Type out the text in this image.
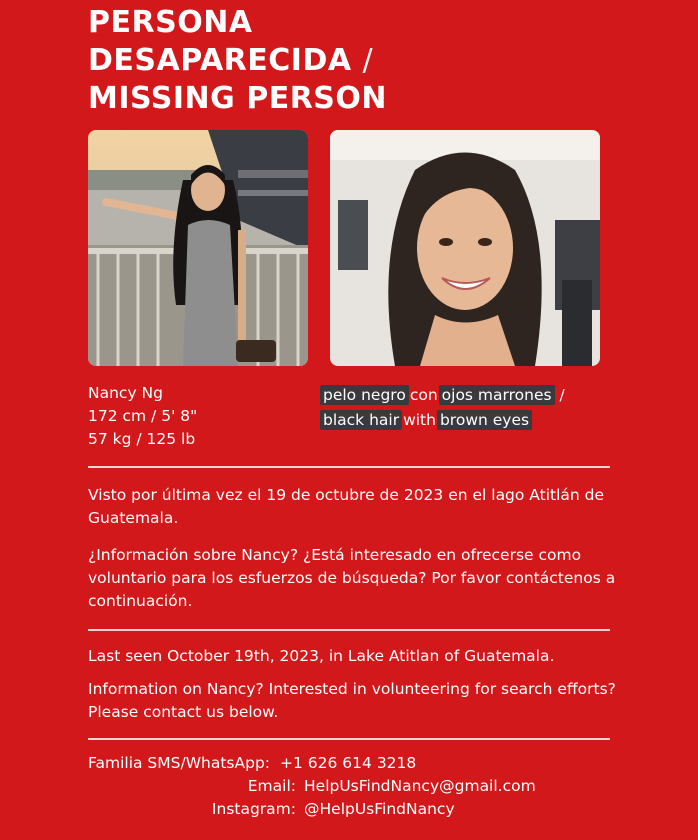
PERSONA
DESAPARECIDA /
MISSING PERSON
Nancy Ng
172 cm / 5' 8"
57 kg / 125 lb
pelo negro con ojos marrones /
black hair with brown eyes

Visto por última vez el 19 de octubre de 2023 en el lago Atitlán de Guatemala.

¿Información sobre Nancy? ¿Está interesado en ofrecerse como voluntario para los esfuerzos de búsqueda? Por favor contáctenos a continuación.

Last seen October 19th, 2023, in Lake Atitlan of Guatemala.

Information on Nancy? Interested in volunteering for search efforts? Please contact us below.

Familia SMS/WhatsApp: +1 626 614 3218
Email: HelpUsFindNancy@gmail.com
Instagram: @HelpUsFindNancy
